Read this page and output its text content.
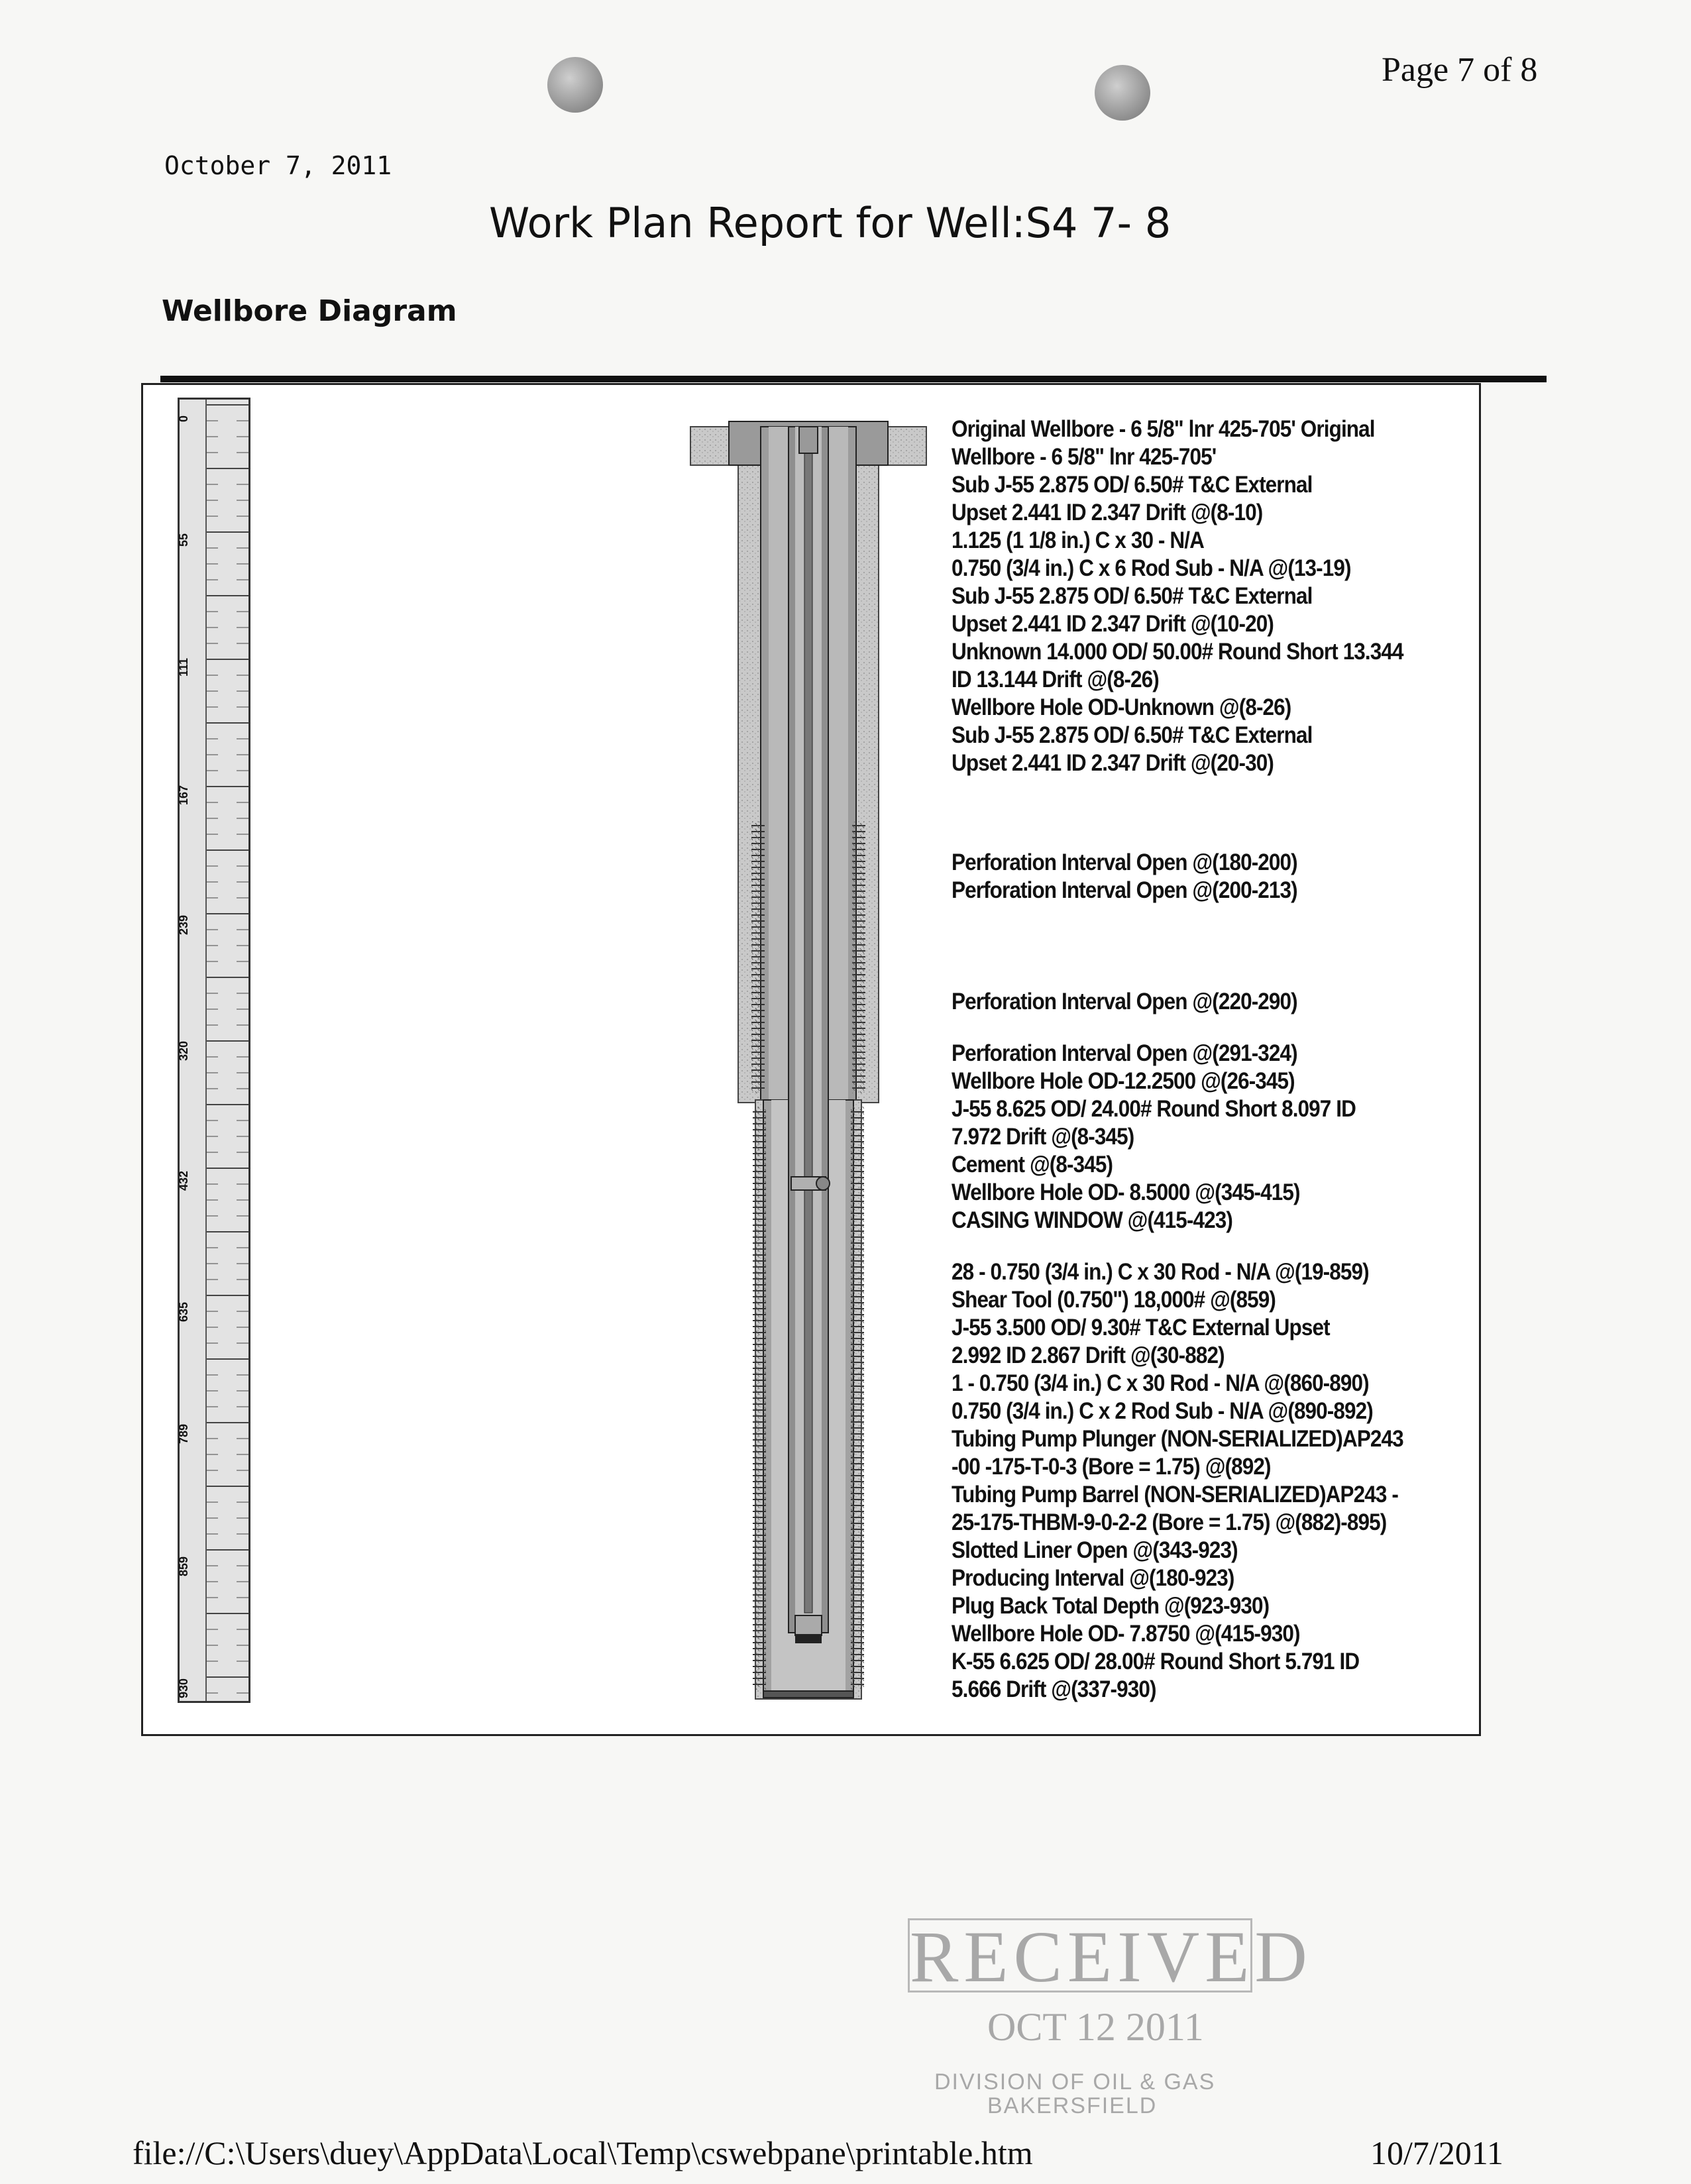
Page 7 of 8
October 7, 2011
Work Plan Report for Well:S4 7- 8
Wellbore Diagram
0
55
111
167
239
320
432
635
789
859
930
Original Wellbore - 6 5/8" lnr 425-705' Original
Wellbore - 6 5/8" lnr 425-705'
Sub J-55 2.875 OD/ 6.50# T&C External
Upset 2.441 ID 2.347 Drift @(8-10)
1.125 (1 1/8 in.) C x 30 - N/A
0.750 (3/4 in.) C x 6 Rod Sub - N/A @(13-19)
Sub J-55 2.875 OD/ 6.50# T&C External
Upset 2.441 ID 2.347 Drift @(10-20)
Unknown 14.000 OD/ 50.00# Round Short 13.344
ID 13.144 Drift @(8-26)
Wellbore Hole OD-Unknown @(8-26)
Sub J-55 2.875 OD/ 6.50# T&C External
Upset 2.441 ID 2.347 Drift @(20-30)
Perforation Interval Open @(180-200)
Perforation Interval Open @(200-213)
Perforation Interval Open @(220-290)
Perforation Interval Open @(291-324)
Wellbore Hole OD-12.2500 @(26-345)
J-55 8.625 OD/ 24.00# Round Short 8.097 ID
7.972 Drift @(8-345)
Cement @(8-345)
Wellbore Hole OD- 8.5000 @(345-415)
CASING WINDOW @(415-423)
28 - 0.750 (3/4 in.) C x 30 Rod - N/A @(19-859)
Shear Tool (0.750") 18,000# @(859)
J-55 3.500 OD/ 9.30# T&C External Upset
2.992 ID 2.867 Drift @(30-882)
1 - 0.750 (3/4 in.) C x 30 Rod - N/A @(860-890)
0.750 (3/4 in.) C x 2 Rod Sub - N/A @(890-892)
Tubing Pump Plunger (NON-SERIALIZED)AP243
-00 -175-T-0-3 (Bore = 1.75) @(892)
Tubing Pump Barrel (NON-SERIALIZED)AP243 -
25-175-THBM-9-0-2-2 (Bore = 1.75) @(882)-895)
Slotted Liner Open @(343-923)
Producing Interval @(180-923)
Plug Back Total Depth @(923-930)
Wellbore Hole OD- 7.8750 @(415-930)
K-55 6.625 OD/ 28.00# Round Short 5.791 ID
5.666 Drift @(337-930)
RECEIVED
OCT 12 2011
DIVISION OF OIL & GAS
BAKERSFIELD
file://C:\Users\duey\AppData\Local\Temp\cswebpane\printable.htm	10/7/2011
